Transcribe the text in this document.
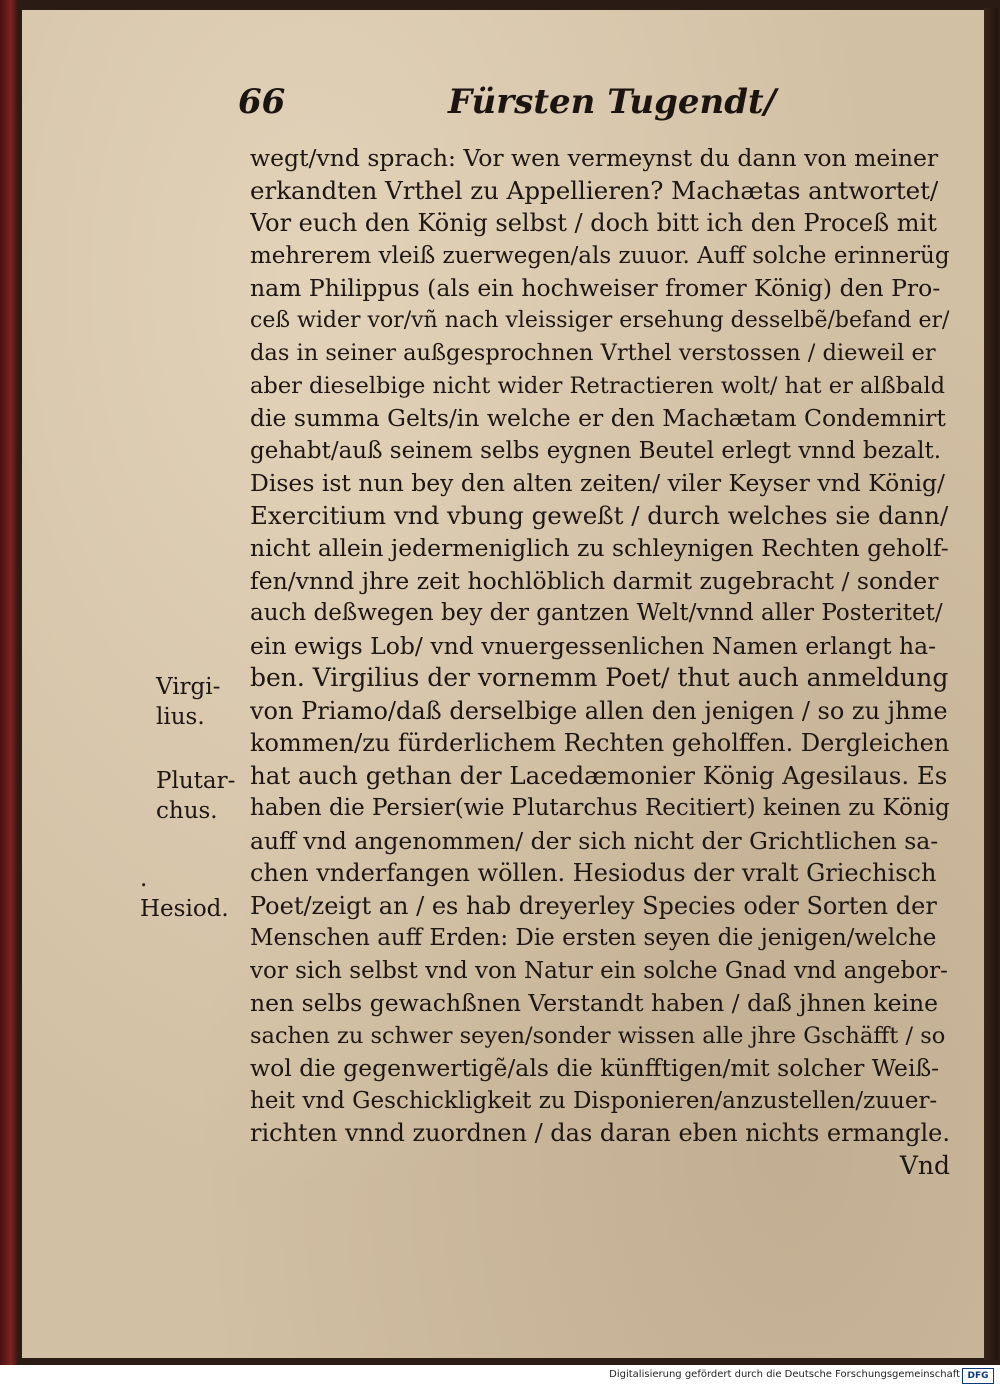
66	Fürsten Tugendt/
wegt/vnd sprach: Vor wen vermeynst du dann von meiner
erkandten Vrthel zu Appellieren? Machætas antwortet/
Vor euch den König selbst / doch bitt ich den Proceß mit
mehrerem vleiß zuerwegen/als zuuor. Auff solche erinnerüg
nam Philippus (als ein hochweiser fromer König) den Pro-
ceß wider vor/vñ nach vleissiger ersehung desselbẽ/befand er/
das in seiner außgesprochnen Vrthel verstossen / dieweil er
aber dieselbige nicht wider Retractieren wolt/ hat er alßbald
die summa Gelts/in welche er den Machætam Condemnirt
gehabt/auß seinem selbs eygnen Beutel erlegt vnnd bezalt.
Dises ist nun bey den alten zeiten/ viler Keyser vnd König/
Exercitium vnd vbung geweßt / durch welches sie dann/
nicht allein jedermeniglich zu schleynigen Rechten geholf-
fen/vnnd jhre zeit hochlöblich darmit zugebracht / sonder
auch deßwegen bey der gantzen Welt/vnnd aller Posteritet/
ein ewigs Lob/ vnd vnuergessenlichen Namen erlangt ha-
ben. Virgilius der vornemm Poet/ thut auch anmeldung
von Priamo/daß derselbige allen den jenigen / so zu jhme
kommen/zu fürderlichem Rechten geholffen. Dergleichen
hat auch gethan der Lacedæmonier König Agesilaus. Es
haben die Persier(wie Plutarchus Recitiert) keinen zu König
auff vnd angenommen/ der sich nicht der Grichtlichen sa-
chen vnderfangen wöllen. Hesiodus der vralt Griechisch
Poet/zeigt an / es hab dreyerley Species oder Sorten der
Menschen auff Erden: Die ersten seyen die jenigen/welche
vor sich selbst vnd von Natur ein solche Gnad vnd angebor-
nen selbs gewachßnen Verstandt haben / daß jhnen keine
sachen zu schwer seyen/sonder wissen alle jhre Gschäfft / so
wol die gegenwertigẽ/als die künfftigen/mit solcher Weiß-
heit vnd Geschickligkeit zu Disponieren/anzustellen/zuuer-
richten vnnd zuordnen / das daran eben nichts ermangle.
Vnd
Virgi- lius.
Plutar- chus.
. Hesiod.
Digitalisierung gefördert durch die Deutsche Forschungsgemeinschaft DFG
